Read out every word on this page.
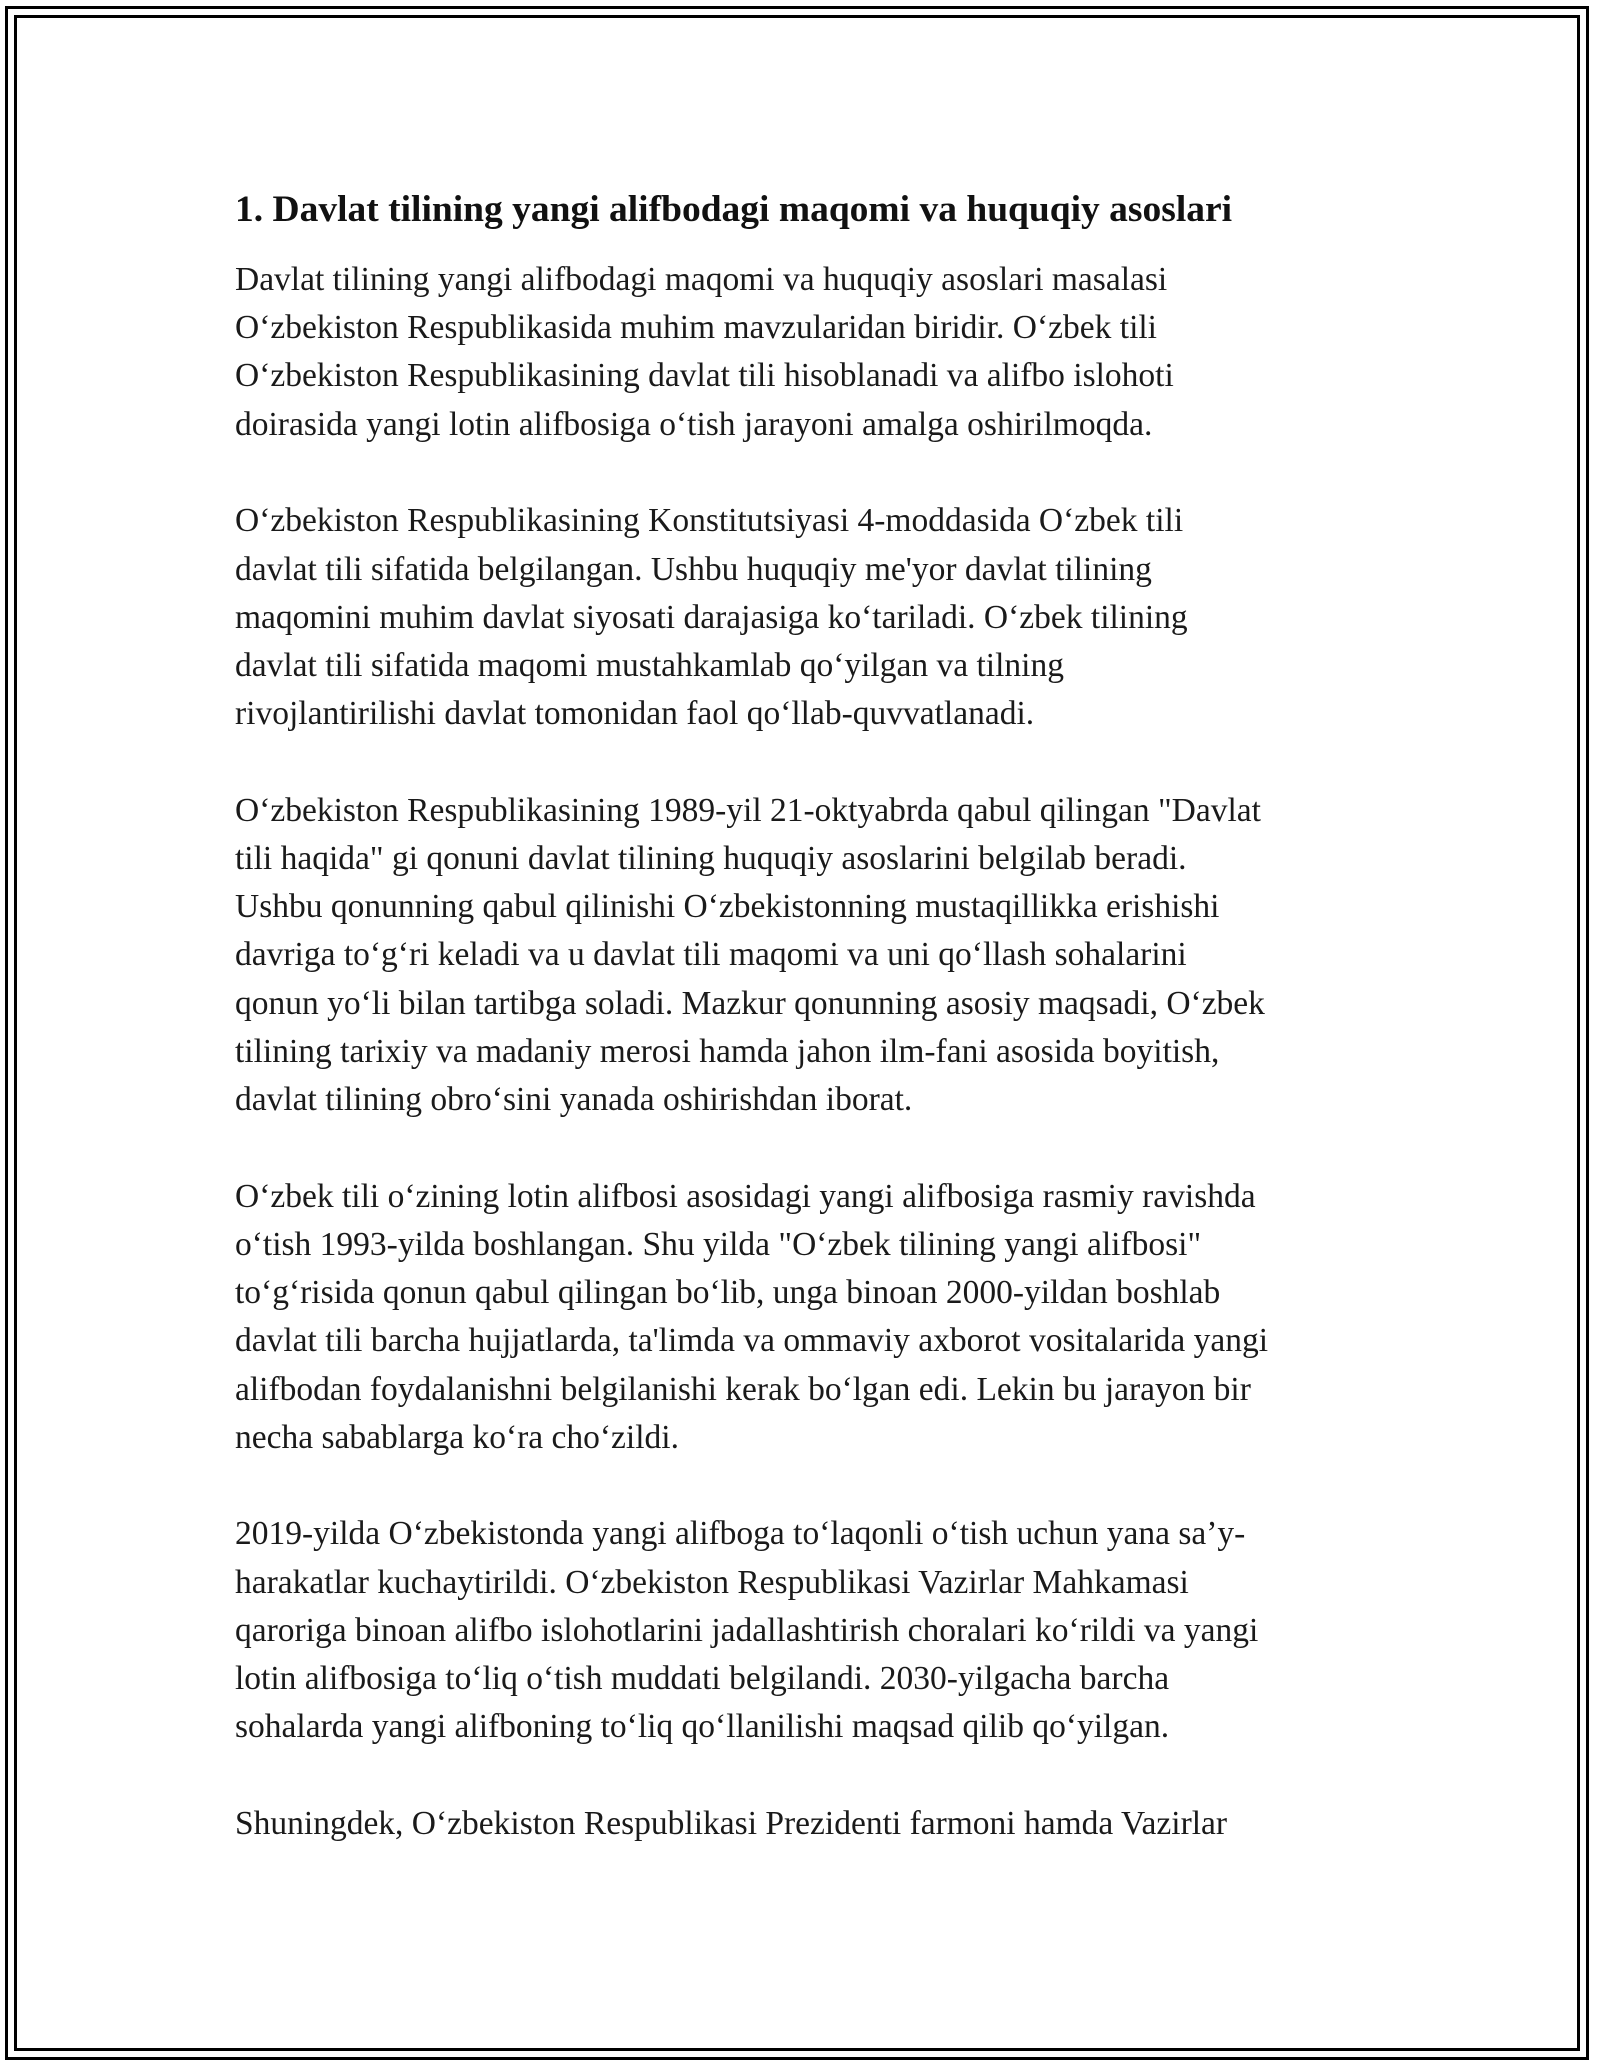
1. Davlat tilining yangi alifbodagi maqomi va huquqiy asoslari

Davlat tilining yangi alifbodagi maqomi va huquqiy asoslari masalasi
O‘zbekiston Respublikasida muhim mavzularidan biridir. O‘zbek tili
O‘zbekiston Respublikasining davlat tili hisoblanadi va alifbo islohoti
doirasida yangi lotin alifbosiga o‘tish jarayoni amalga oshirilmoqda.

O‘zbekiston Respublikasining Konstitutsiyasi 4-moddasida O‘zbek tili
davlat tili sifatida belgilangan. Ushbu huquqiy me'yor davlat tilining
maqomini muhim davlat siyosati darajasiga ko‘tariladi. O‘zbek tilining
davlat tili sifatida maqomi mustahkamlab qo‘yilgan va tilning
rivojlantirilishi davlat tomonidan faol qo‘llab-quvvatlanadi.

O‘zbekiston Respublikasining 1989-yil 21-oktyabrda qabul qilingan "Davlat
tili haqida" gi qonuni davlat tilining huquqiy asoslarini belgilab beradi.
Ushbu qonunning qabul qilinishi O‘zbekistonning mustaqillikka erishishi
davriga to‘g‘ri keladi va u davlat tili maqomi va uni qo‘llash sohalarini
qonun yo‘li bilan tartibga soladi. Mazkur qonunning asosiy maqsadi, O‘zbek
tilining tarixiy va madaniy merosi hamda jahon ilm-fani asosida boyitish,
davlat tilining obro‘sini yanada oshirishdan iborat.

O‘zbek tili o‘zining lotin alifbosi asosidagi yangi alifbosiga rasmiy ravishda
o‘tish 1993-yilda boshlangan. Shu yilda "O‘zbek tilining yangi alifbosi"
to‘g‘risida qonun qabul qilingan bo‘lib, unga binoan 2000-yildan boshlab
davlat tili barcha hujjatlarda, ta'limda va ommaviy axborot vositalarida yangi
alifbodan foydalanishni belgilanishi kerak bo‘lgan edi. Lekin bu jarayon bir
necha sabablarga ko‘ra cho‘zildi.

2019-yilda O‘zbekistonda yangi alifboga to‘laqonli o‘tish uchun yana sa’y-
harakatlar kuchaytirildi. O‘zbekiston Respublikasi Vazirlar Mahkamasi
qaroriga binoan alifbo islohotlarini jadallashtirish choralari ko‘rildi va yangi
lotin alifbosiga to‘liq o‘tish muddati belgilandi. 2030-yilgacha barcha
sohalarda yangi alifboning to‘liq qo‘llanilishi maqsad qilib qo‘yilgan.

Shuningdek, O‘zbekiston Respublikasi Prezidenti farmoni hamda Vazirlar
